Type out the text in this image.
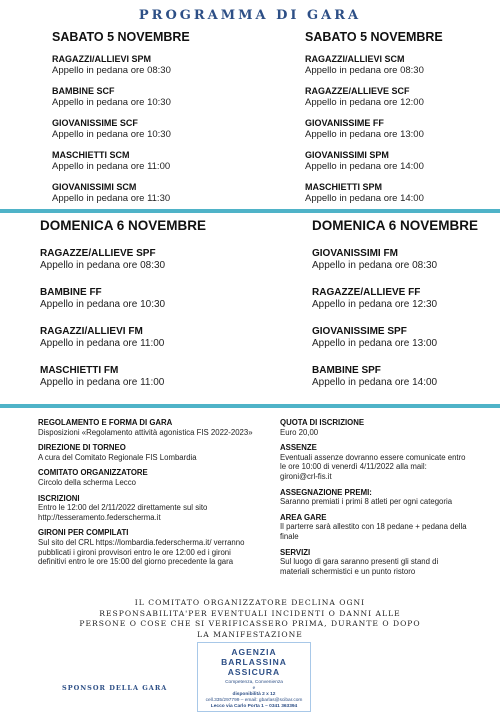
PROGRAMMA DI GARA
SABATO 5 NOVEMBRE
RAGAZZI/ALLIEVI SPM
Appello in pedana ore 08:30
BAMBINE SCF
Appello in pedana ore 10:30
GIOVANISSIME SCF
Appello in pedana ore 10:30
MASCHIETTI SCM
Appello in pedana ore 11:00
GIOVANISSIMI SCM
Appello in pedana ore 11:30
SABATO 5 NOVEMBRE
RAGAZZI/ALLIEVI SCM
Appello in pedana ore 08:30
RAGAZZE/ALLIEVE SCF
Appello in pedana ore 12:00
GIOVANISSIME FF
Appello in pedana ore 13:00
GIOVANISSIMI SPM
Appello in pedana ore 14:00
MASCHIETTI SPM
Appello in pedana ore 14:00
DOMENICA 6 NOVEMBRE
RAGAZZE/ALLIEVE SPF
Appello in pedana ore 08:30
BAMBINE FF
Appello in pedana ore 10:30
RAGAZZI/ALLIEVI FM
Appello in pedana ore 11:00
MASCHIETTI FM
Appello in pedana ore 11:00
DOMENICA 6 NOVEMBRE
GIOVANISSIMI FM
Appello in pedana ore 08:30
RAGAZZE/ALLIEVE FF
Appello in pedana ore 12:30
GIOVANISSIME SPF
Appello in pedana ore 13:00
BAMBINE SPF
Appello in pedana ore 14:00
REGOLAMENTO E FORMA DI GARA
Disposizioni «Regolamento attività agonistica FIS 2022-2023»
DIREZIONE DI TORNEO
A cura del Comitato Regionale FIS Lombardia
COMITATO ORGANIZZATORE
Circolo della scherma Lecco
ISCRIZIONI
Entro le 12:00 del 2/11/2022 direttamente sul sito
http://tesseramento.federscherma.it
GIRONI PER COMPILATI
Sul sito del CRL https://lombardia.federscherma.it/ verranno
pubblicati i gironi provvisori entro le ore 12:00 ed i gironi
definitivi entro le ore 15:00 del giorno precedente la gara
QUOTA DI ISCRIZIONE
Euro 20,00
ASSENZE
Eventuali assenze dovranno essere comunicate entro
le ore 10:00 di venerdì 4/11/2022 alla mail:
gironi@crl-fis.it
ASSEGNAZIONE PREMI:
Saranno premiati i primi 8 atleti per ogni categoria
AREA GARE
Il parterre sarà allestito con 18 pedane + pedana della
finale
SERVIZI
Sul luogo di gara saranno presenti gli stand di
materiali schermistici e un punto ristoro
IL COMITATO ORGANIZZATORE DECLINA OGNI
RESPONSABILITA'PER EVENTUALI INCIDENTI O DANNI ALLE
PERSONE O COSE CHE SI VERIFICASSERO PRIMA, DURANTE O DOPO
LA MANIFESTAZIONE
SPONSOR DELLA GARA
AGENZIA BARLASSINA
ASSICURA
Competenza, Convenienza
e
disponibilità 2 x 12
cell.335/297799 – email: gbarlas@scibar.com
Lecco via Carlo Porta 1 – 0341 363394
